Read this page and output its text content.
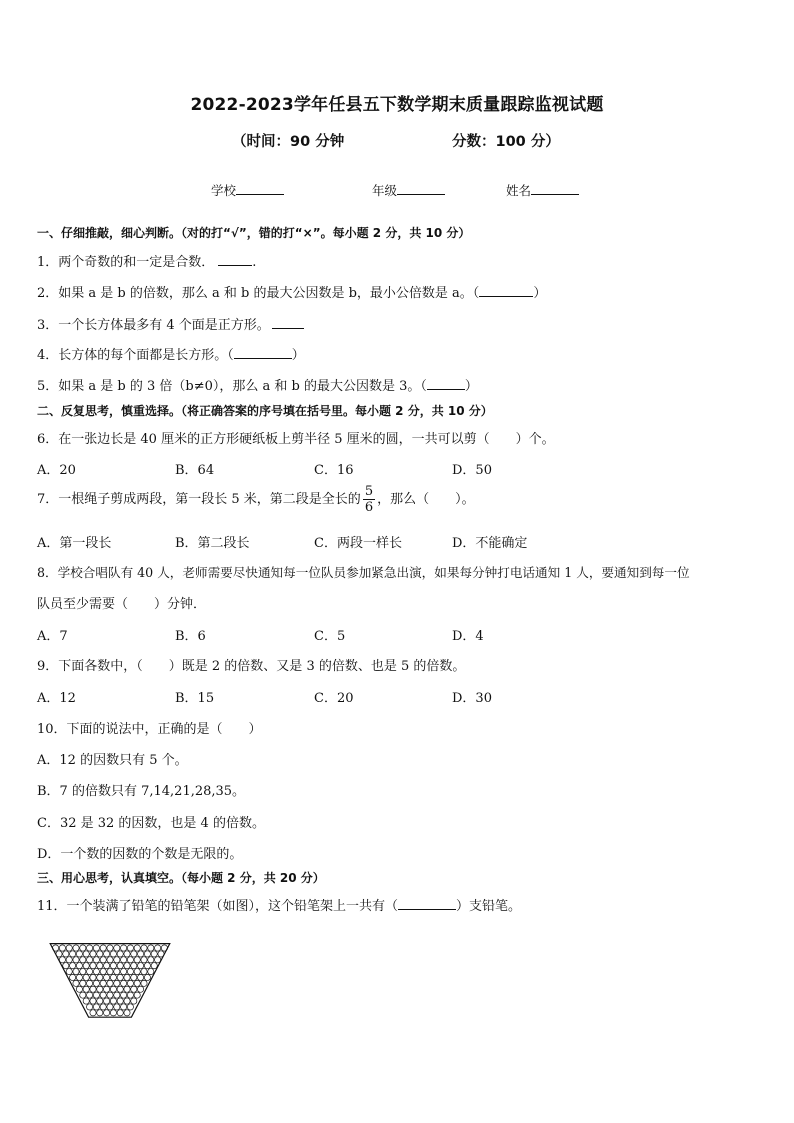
2022-2023学年任县五下数学期末质量跟踪监视试题
（时间：90 分钟	分数：100 分）
学校	年级	姓名
一、仔细推敲，细心判断。（对的打“√”，错的打“×”。每小题 2 分，共 10 分）
1．两个奇数的和一定是合数．	.
2．如果 a 是 b 的倍数，那么 a 和 b 的最大公因数是 b，最小公倍数是 a。（	）
3．一个长方体最多有 4 个面是正方形。
4．长方体的每个面都是长方形。（	）
5．如果 a 是 b 的 3 倍（b≠0），那么 a 和 b 的最大公因数是 3。（	）
二、反复思考，慎重选择。（将正确答案的序号填在括号里。每小题 2 分，共 10 分）
6．在一张边长是 40 厘米的正方形硬纸板上剪半径 5 厘米的圆，一共可以剪（　　）个。
A．20	B．64	C．16	D．50
7．一根绳子剪成两段，第一段长 5 米，第二段是全长的 $\frac{5}{6}$ ，那么（　　）。
A．第一段长	B．第二段长	C．两段一样长	D．不能确定
8．学校合唱队有 40 人，老师需要尽快通知每一位队员参加紧急出演，如果每分钟打电话通知 1 人，要通知到每一位
队员至少需要（　　）分钟．
A．7	B．6	C．5	D．4
9．下面各数中，（　　）既是 2 的倍数、又是 3 的倍数、也是 5 的倍数。
A．12	B．15	C．20	D．30
10．下面的说法中，正确的是（　　）
A．12 的因数只有 5 个。
B．7 的倍数只有 7,14,21,28,35。
C．32 是 32 的因数，也是 4 的倍数。
D．一个数的因数的个数是无限的。
三、用心思考，认真填空。（每小题 2 分，共 20 分）
11．一个装满了铅笔的铅笔架（如图），这个铅笔架上一共有（	）支铅笔。
